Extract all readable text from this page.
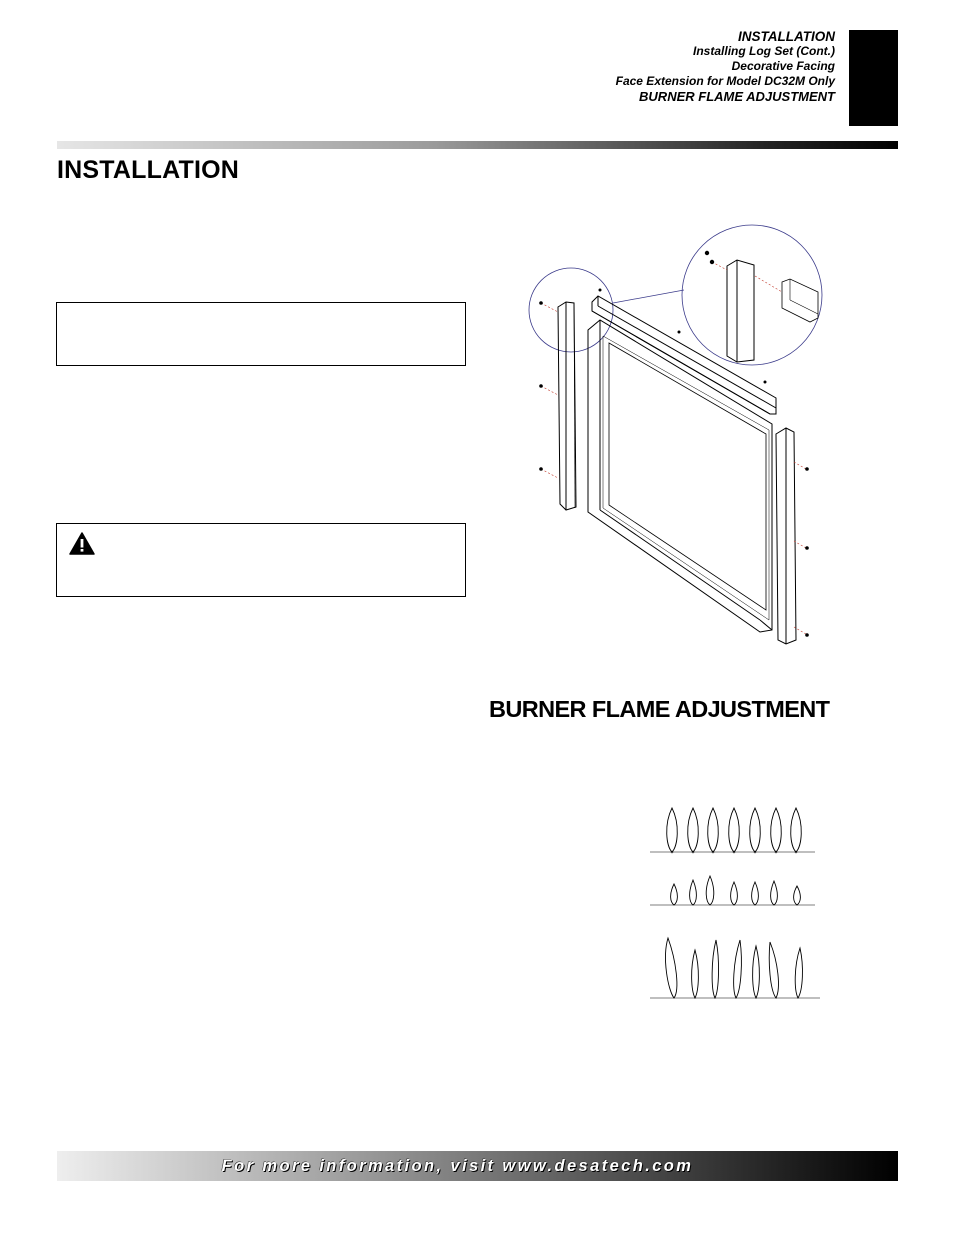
INSTALLATION
Installing Log Set (Cont.)
Decorative Facing
Face Extension for Model DC32M Only
BURNER FLAME ADJUSTMENT
INSTALLATION
BURNER FLAME ADJUSTMENT
For more information, visit www.desatech.com
